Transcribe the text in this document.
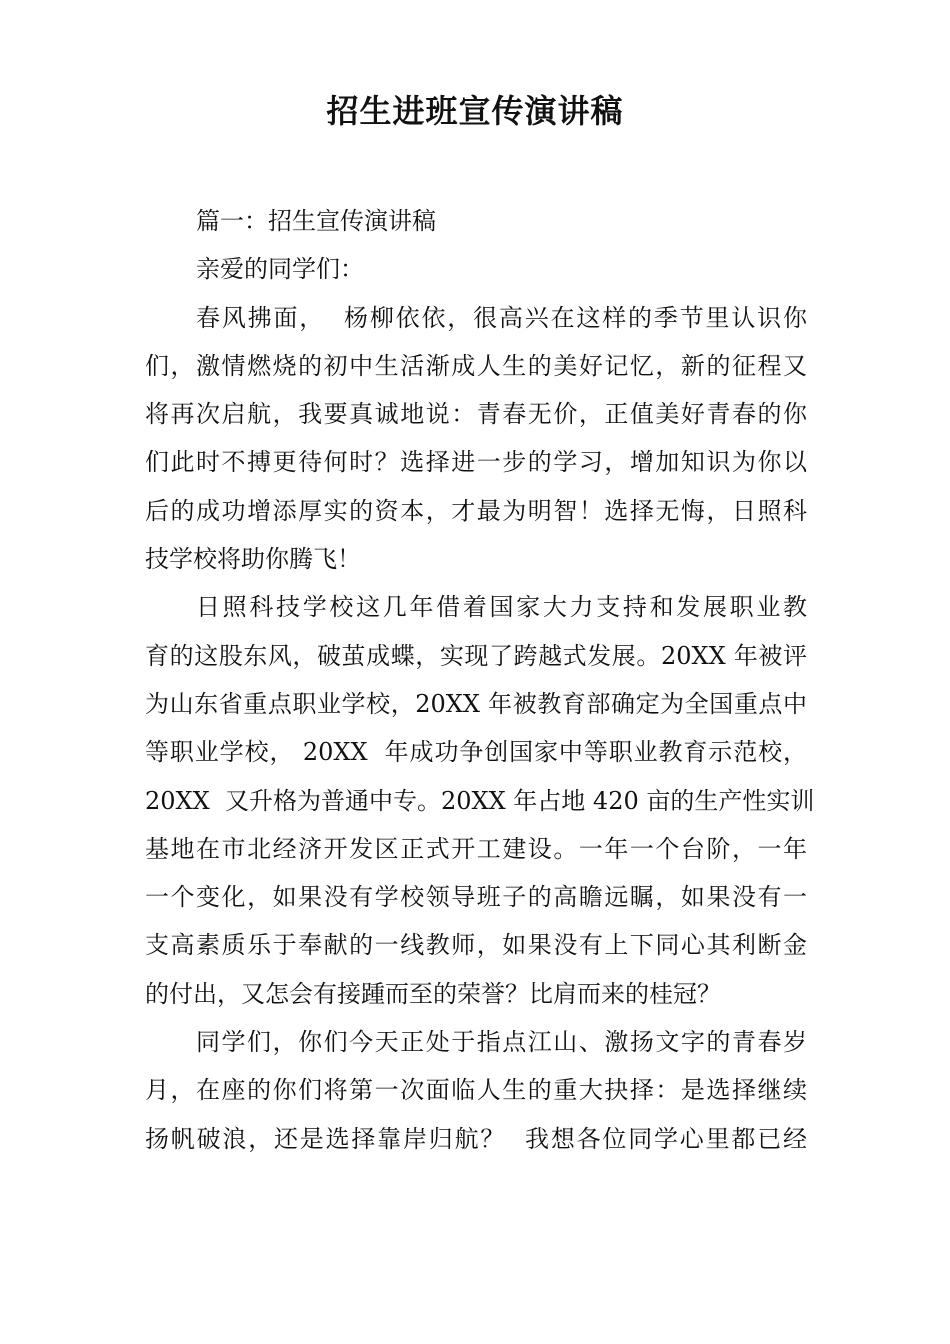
招生进班宣传演讲稿
篇一：招生宣传演讲稿
亲爱的同学们：
春风拂面，  杨柳依依，很高兴在这样的季节里认识你
们，激情燃烧的初中生活渐成人生的美好记忆，新的征程又
将再次启航，我要真诚地说：青春无价，正值美好青春的你
们此时不搏更待何时？选择进一步的学习，增加知识为你以
后的成功增添厚实的资本，才最为明智！选择无悔，日照科
技学校将助你腾飞！
日照科技学校这几年借着国家大力支持和发展职业教
育的这股东风，破茧成蝶，实现了跨越式发展。20XX 年被评
为山东省重点职业学校，20XX 年被教育部确定为全国重点中
等职业学校， 20XX  年成功争创国家中等职业教育示范校，
20XX  又升格为普通中专。20XX 年占地 420 亩的生产性实训
基地在市北经济开发区正式开工建设。一年一个台阶，一年
一个变化，如果没有学校领导班子的高瞻远瞩，如果没有一
支高素质乐于奉献的一线教师，如果没有上下同心其利断金
的付出，又怎会有接踵而至的荣誉？比肩而来的桂冠？
同学们，你们今天正处于指点江山、激扬文字的青春岁
月，在座的你们将第一次面临人生的重大抉择：是选择继续
扬帆破浪，还是选择靠岸归航？  我想各位同学心里都已经
